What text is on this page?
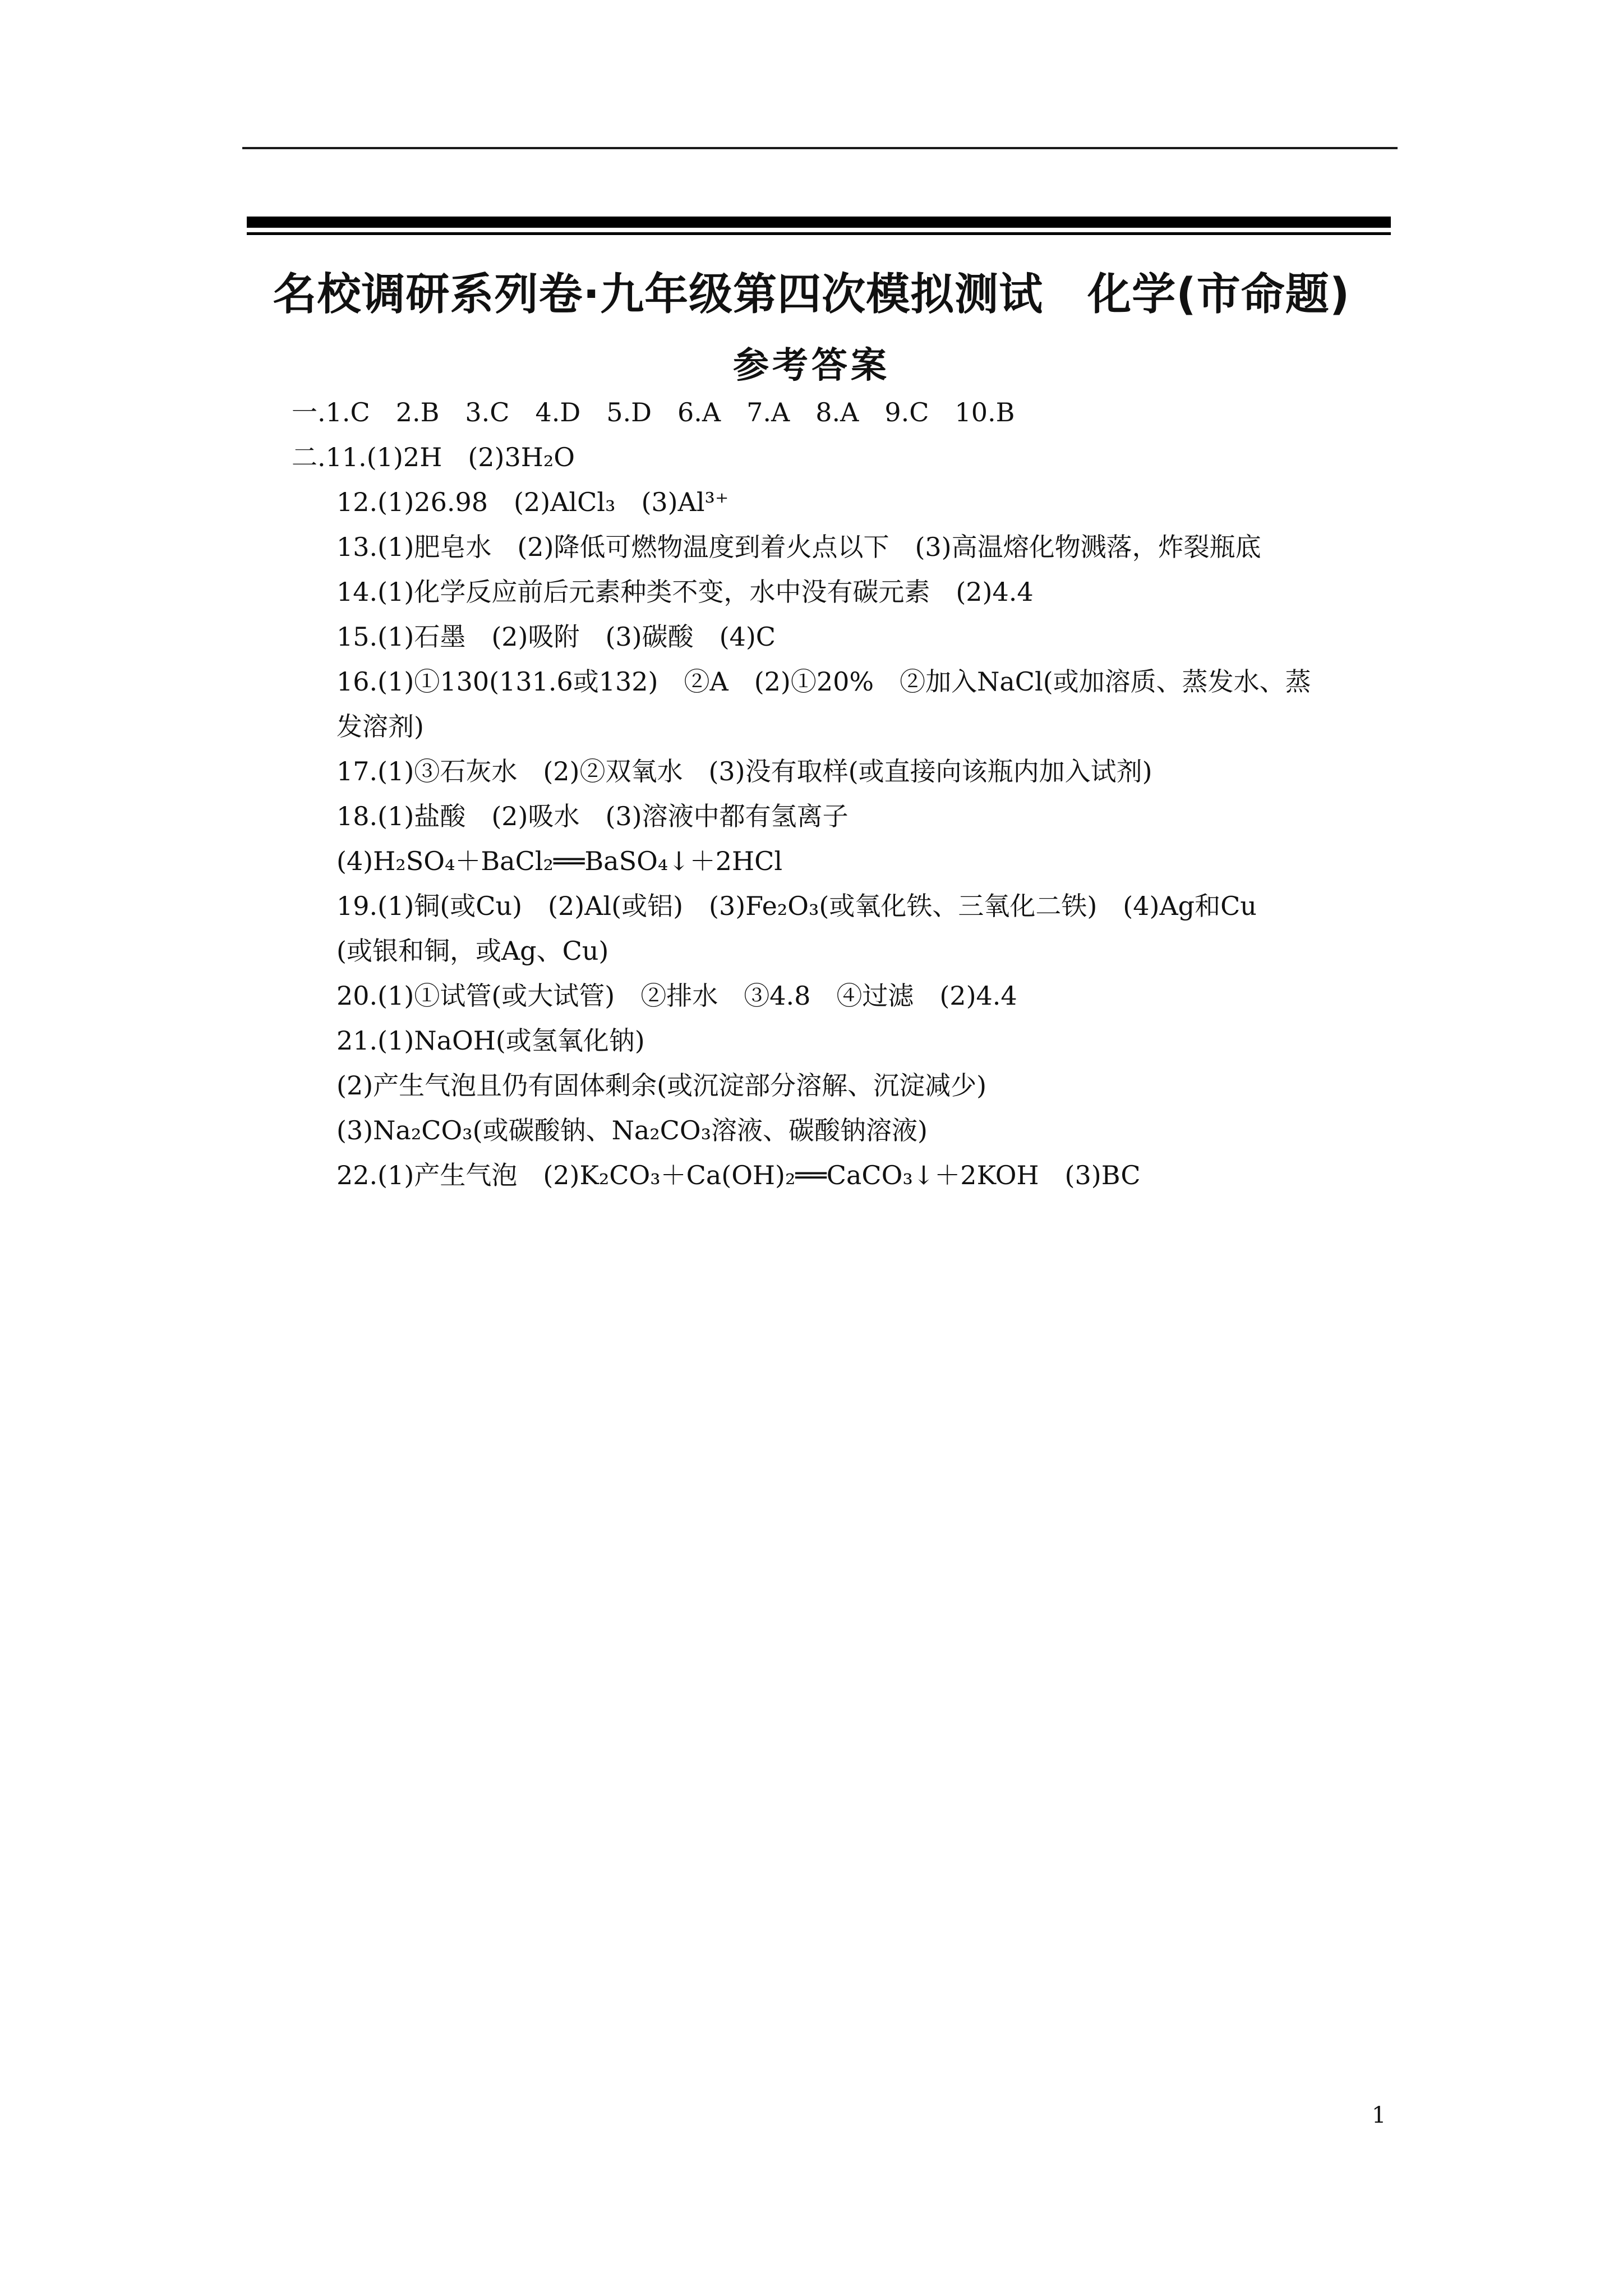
名校调研系列卷·九年级第四次模拟测试　化学(市命题)
参考答案
一.1.C　2.B　3.C　4.D　5.D　6.A　7.A　8.A　9.C　10.B
二.11.(1)2H　(2)3H₂O
12.(1)26.98　(2)AlCl₃　(3)Al³⁺
13.(1)肥皂水　(2)降低可燃物温度到着火点以下　(3)高温熔化物溅落，炸裂瓶底
14.(1)化学反应前后元素种类不变，水中没有碳元素　(2)4.4
15.(1)石墨　(2)吸附　(3)碳酸　(4)C
16.(1)①130(131.6或132)　②A　(2)①20%　②加入NaCl(或加溶质、蒸发水、蒸
发溶剂)
17.(1)③石灰水　(2)②双氧水　(3)没有取样(或直接向该瓶内加入试剂)
18.(1)盐酸　(2)吸水　(3)溶液中都有氢离子
(4)H₂SO₄＋BaCl₂══BaSO₄↓＋2HCl
19.(1)铜(或Cu)　(2)Al(或铝)　(3)Fe₂O₃(或氧化铁、三氧化二铁)　(4)Ag和Cu
(或银和铜，或Ag、Cu)
20.(1)①试管(或大试管)　②排水　③4.8　④过滤　(2)4.4
21.(1)NaOH(或氢氧化钠)
(2)产生气泡且仍有固体剩余(或沉淀部分溶解、沉淀减少)
(3)Na₂CO₃(或碳酸钠、Na₂CO₃溶液、碳酸钠溶液)
22.(1)产生气泡　(2)K₂CO₃＋Ca(OH)₂══CaCO₃↓＋2KOH　(3)BC
1
